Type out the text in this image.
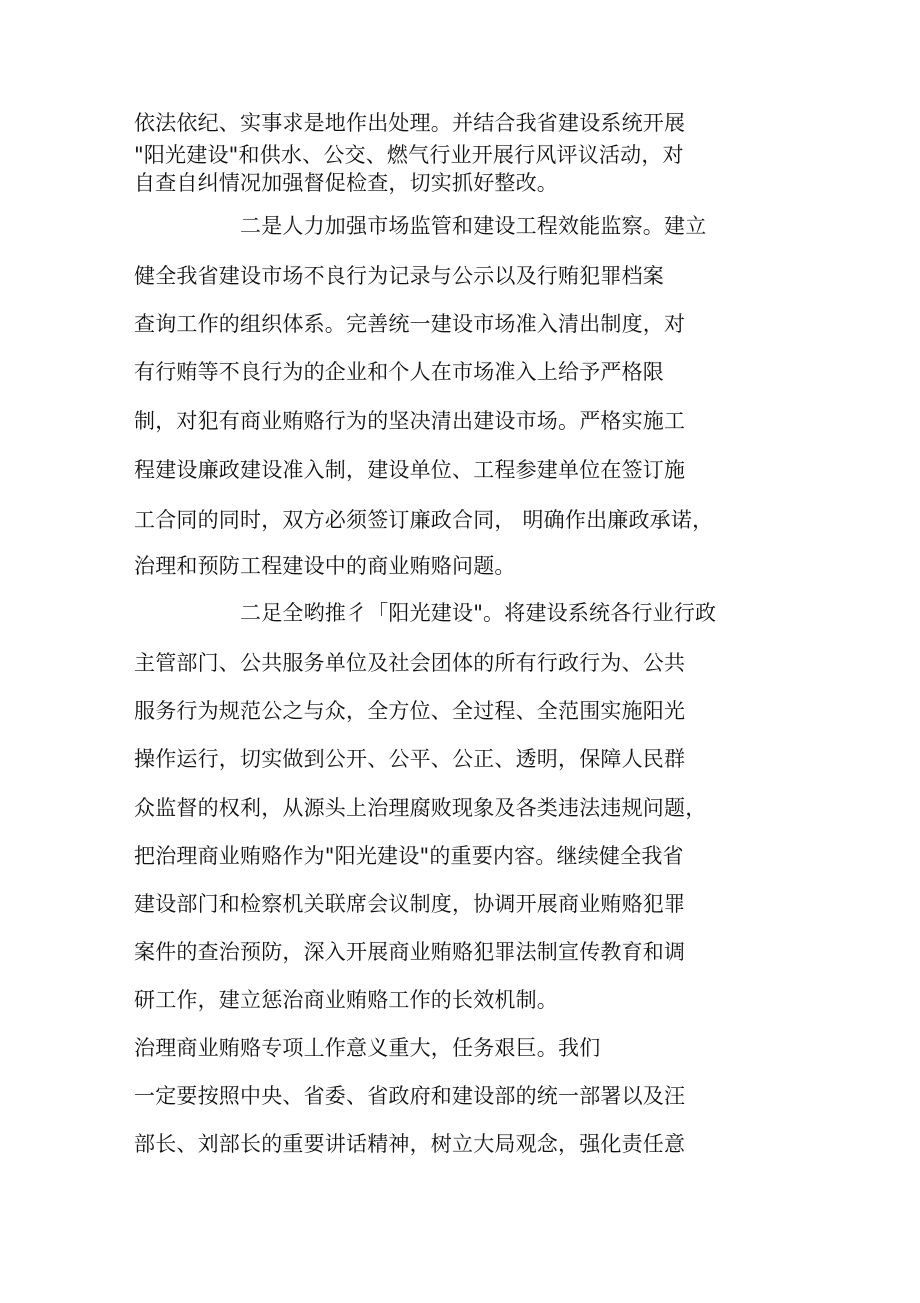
依法依纪、实事求是地作出处理。并结合我省建设系统开展
"阳光建设"和供水、公交、燃气行业开展行风评议活动，对
自查自纠情况加强督促检查，切实抓好整改。
二是人力加强市场监管和建设工程效能监察。建立
健全我省建设市场不良行为记录与公示以及行贿犯罪档案
查询工作的组织体系。完善统一建设市场准入清出制度，对
有行贿等不良行为的企业和个人在市场准入上给予严格限
制，对犯有商业贿赂行为的坚决清出建设市场。严格实施工
程建设廉政建设准入制，建设单位、工程参建单位在签订施
工合同的同时，双方必须签订廉政合同， 明确作出廉政承诺，
治理和预防工程建设中的商业贿赂问题。
二足全哟推彳「阳光建设"。将建设系统各行业行政
主管部门、公共服务单位及社会团体的所有行政行为、公共
服务行为规范公之与众，全方位、全过程、全范围实施阳光
操作运行，切实做到公开、公平、公正、透明，保障人民群
众监督的权利，从源头上治理腐败现象及各类违法违规问题，
把治理商业贿赂作为"阳光建设"的重要内容。继续健全我省
建设部门和检察机关联席会议制度，协调开展商业贿赂犯罪
案件的查治预防，深入开展商业贿赂犯罪法制宣传教育和调
研工作，建立惩治商业贿赂工作的长效机制。
治理商业贿赂专项丄作意义重大，任务艰巨。我们
一定要按照中央、省委、省政府和建设部的统一部署以及汪
部长、刘部长的重要讲话精神，树立大局观念，强化责任意
